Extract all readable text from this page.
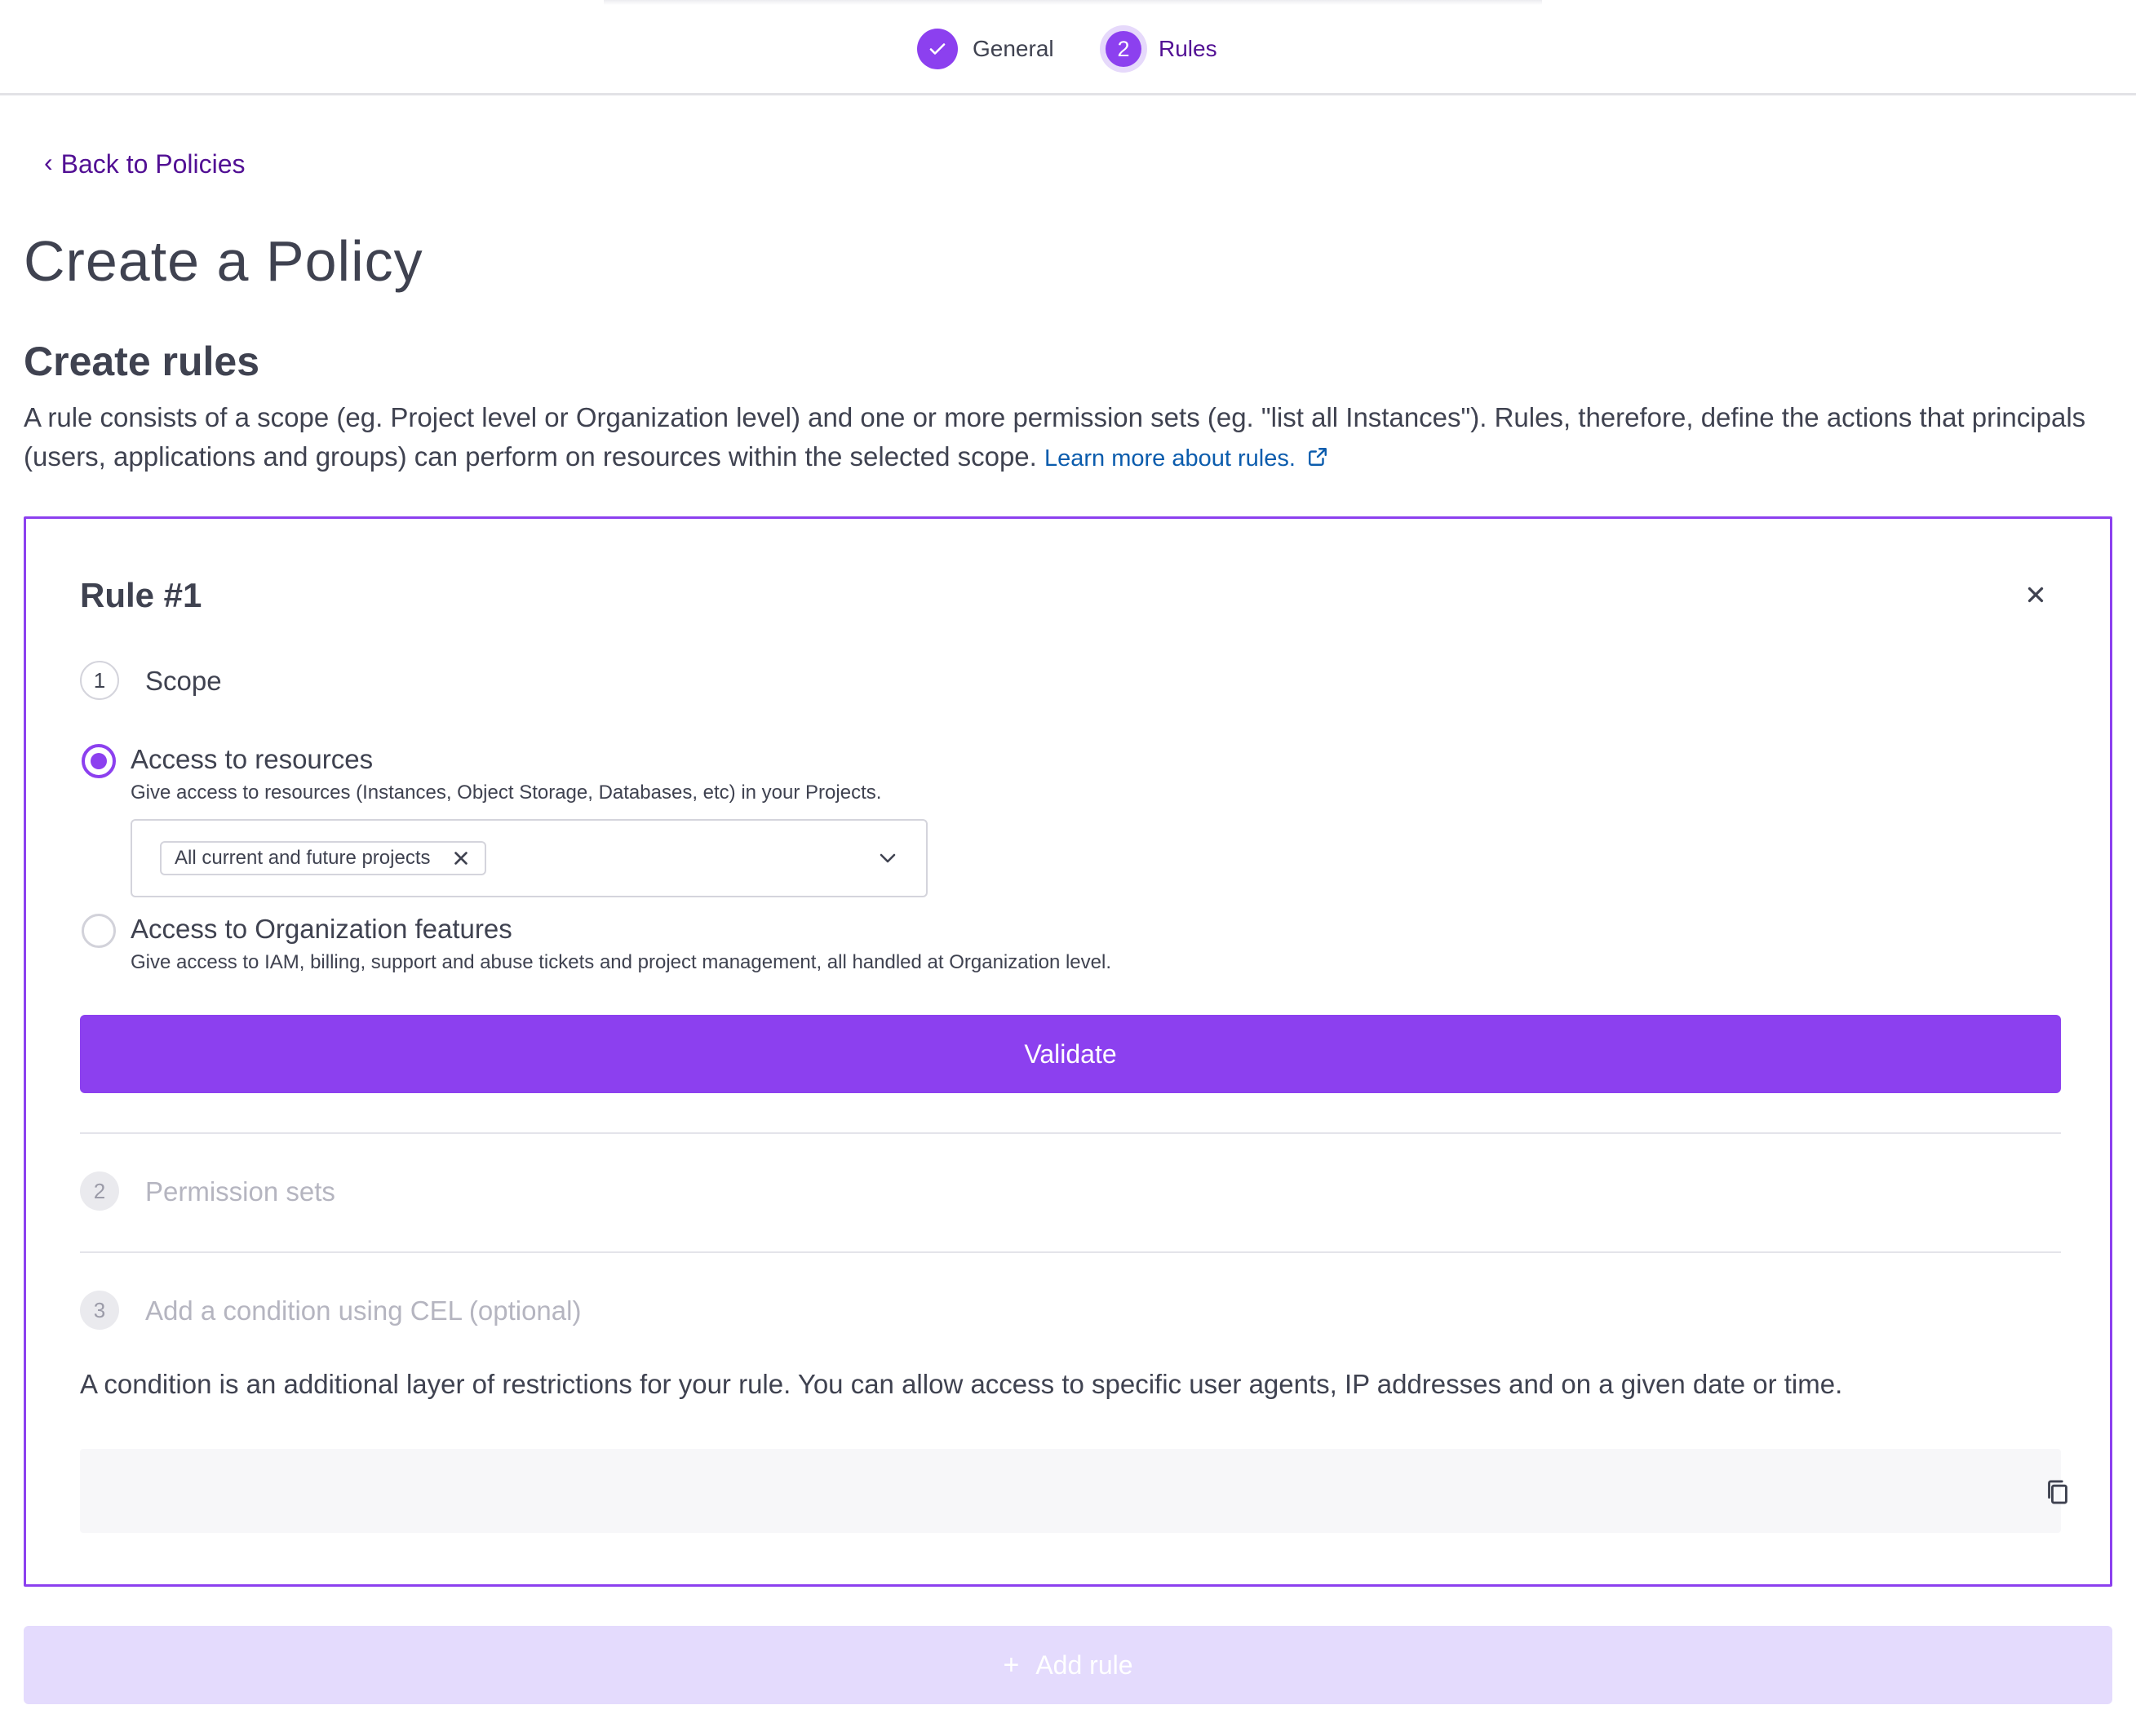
General	2	Rules
‹ Back to Policies
Create a Policy
Create rules

A rule consists of a scope (eg. Project level or Organization level) and one or more permission sets (eg. "list all Instances"). Rules, therefore, define the actions that principals (users, applications and groups) can perform on resources within the selected scope. Learn more about rules.

Rule #1
1	Scope
Access to resources
Give access to resources (Instances, Object Storage, Databases, etc) in your Projects.
All current and future projects
Access to Organization features
Give access to IAM, billing, support and abuse tickets and project management, all handled at Organization level.
Validate
2	Permission sets
3	Add a condition using CEL (optional)
A condition is an additional layer of restrictions for your rule. You can allow access to specific user agents, IP addresses and on a given date or time.
+ Add rule
